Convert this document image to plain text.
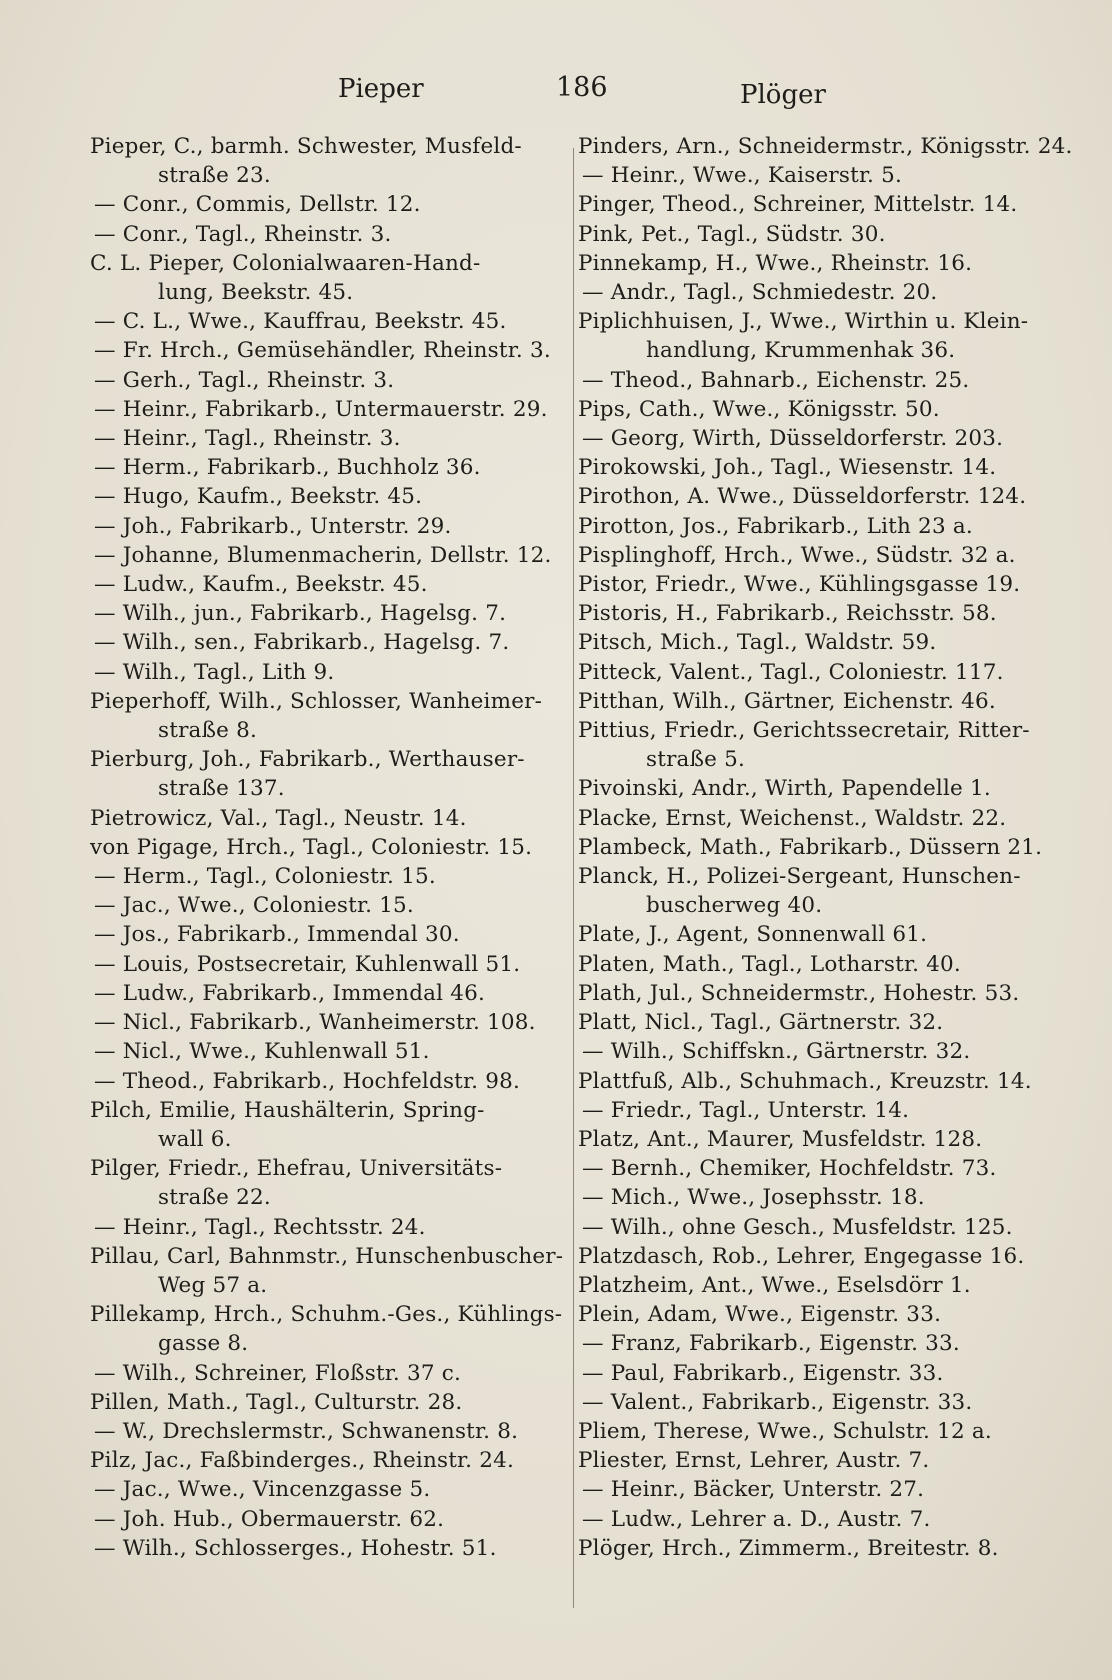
Pieper	186	Plöger
Pieper, C., barmh. Schwester, Musfeld-
straße 23.
— Conr., Commis, Dellstr. 12.
— Conr., Tagl., Rheinstr. 3.
C. L. Pieper, Colonialwaaren-Hand-
lung, Beekstr. 45.
— C. L., Wwe., Kauffrau, Beekstr. 45.
— Fr. Hrch., Gemüsehändler, Rheinstr. 3.
— Gerh., Tagl., Rheinstr. 3.
— Heinr., Fabrikarb., Untermauerstr. 29.
— Heinr., Tagl., Rheinstr. 3.
— Herm., Fabrikarb., Buchholz 36.
— Hugo, Kaufm., Beekstr. 45.
— Joh., Fabrikarb., Unterstr. 29.
— Johanne, Blumenmacherin, Dellstr. 12.
— Ludw., Kaufm., Beekstr. 45.
— Wilh., jun., Fabrikarb., Hagelsg. 7.
— Wilh., sen., Fabrikarb., Hagelsg. 7.
— Wilh., Tagl., Lith 9.
Pieperhoff, Wilh., Schlosser, Wanheimer-
straße 8.
Pierburg, Joh., Fabrikarb., Werthauser-
straße 137.
Pietrowicz, Val., Tagl., Neustr. 14.
von Pigage, Hrch., Tagl., Coloniestr. 15.
— Herm., Tagl., Coloniestr. 15.
— Jac., Wwe., Coloniestr. 15.
— Jos., Fabrikarb., Immendal 30.
— Louis, Postsecretair, Kuhlenwall 51.
— Ludw., Fabrikarb., Immendal 46.
— Nicl., Fabrikarb., Wanheimerstr. 108.
— Nicl., Wwe., Kuhlenwall 51.
— Theod., Fabrikarb., Hochfeldstr. 98.
Pilch, Emilie, Haushälterin, Spring-
wall 6.
Pilger, Friedr., Ehefrau, Universitäts-
straße 22.
— Heinr., Tagl., Rechtsstr. 24.
Pillau, Carl, Bahnmstr., Hunschenbuscher-
Weg 57 a.
Pillekamp, Hrch., Schuhm.-Ges., Kühlings-
gasse 8.
— Wilh., Schreiner, Floßstr. 37 c.
Pillen, Math., Tagl., Culturstr. 28.
— W., Drechslermstr., Schwanenstr. 8.
Pilz, Jac., Faßbinderges., Rheinstr. 24.
— Jac., Wwe., Vincenzgasse 5.
— Joh. Hub., Obermauerstr. 62.
— Wilh., Schlosserges., Hohestr. 51.
Pinders, Arn., Schneidermstr., Königsstr. 24.
— Heinr., Wwe., Kaiserstr. 5.
Pinger, Theod., Schreiner, Mittelstr. 14.
Pink, Pet., Tagl., Südstr. 30.
Pinnekamp, H., Wwe., Rheinstr. 16.
— Andr., Tagl., Schmiedestr. 20.
Piplichhuisen, J., Wwe., Wirthin u. Klein-
handlung, Krummenhak 36.
— Theod., Bahnarb., Eichenstr. 25.
Pips, Cath., Wwe., Königsstr. 50.
— Georg, Wirth, Düsseldorferstr. 203.
Pirokowski, Joh., Tagl., Wiesenstr. 14.
Pirothon, A. Wwe., Düsseldorferstr. 124.
Pirotton, Jos., Fabrikarb., Lith 23 a.
Pisplinghoff, Hrch., Wwe., Südstr. 32 a.
Pistor, Friedr., Wwe., Kühlingsgasse 19.
Pistoris, H., Fabrikarb., Reichsstr. 58.
Pitsch, Mich., Tagl., Waldstr. 59.
Pitteck, Valent., Tagl., Coloniestr. 117.
Pitthan, Wilh., Gärtner, Eichenstr. 46.
Pittius, Friedr., Gerichtssecretair, Ritter-
straße 5.
Pivoinski, Andr., Wirth, Papendelle 1.
Placke, Ernst, Weichenst., Waldstr. 22.
Plambeck, Math., Fabrikarb., Düssern 21.
Planck, H., Polizei-Sergeant, Hunschen-
buscherweg 40.
Plate, J., Agent, Sonnenwall 61.
Platen, Math., Tagl., Lotharstr. 40.
Plath, Jul., Schneidermstr., Hohestr. 53.
Platt, Nicl., Tagl., Gärtnerstr. 32.
— Wilh., Schiffskn., Gärtnerstr. 32.
Plattfuß, Alb., Schuhmach., Kreuzstr. 14.
— Friedr., Tagl., Unterstr. 14.
Platz, Ant., Maurer, Musfeldstr. 128.
— Bernh., Chemiker, Hochfeldstr. 73.
— Mich., Wwe., Josephsstr. 18.
— Wilh., ohne Gesch., Musfeldstr. 125.
Platzdasch, Rob., Lehrer, Engegasse 16.
Platzheim, Ant., Wwe., Eselsdörr 1.
Plein, Adam, Wwe., Eigenstr. 33.
— Franz, Fabrikarb., Eigenstr. 33.
— Paul, Fabrikarb., Eigenstr. 33.
— Valent., Fabrikarb., Eigenstr. 33.
Pliem, Therese, Wwe., Schulstr. 12 a.
Pliester, Ernst, Lehrer, Austr. 7.
— Heinr., Bäcker, Unterstr. 27.
— Ludw., Lehrer a. D., Austr. 7.
Plöger, Hrch., Zimmerm., Breitestr. 8.
